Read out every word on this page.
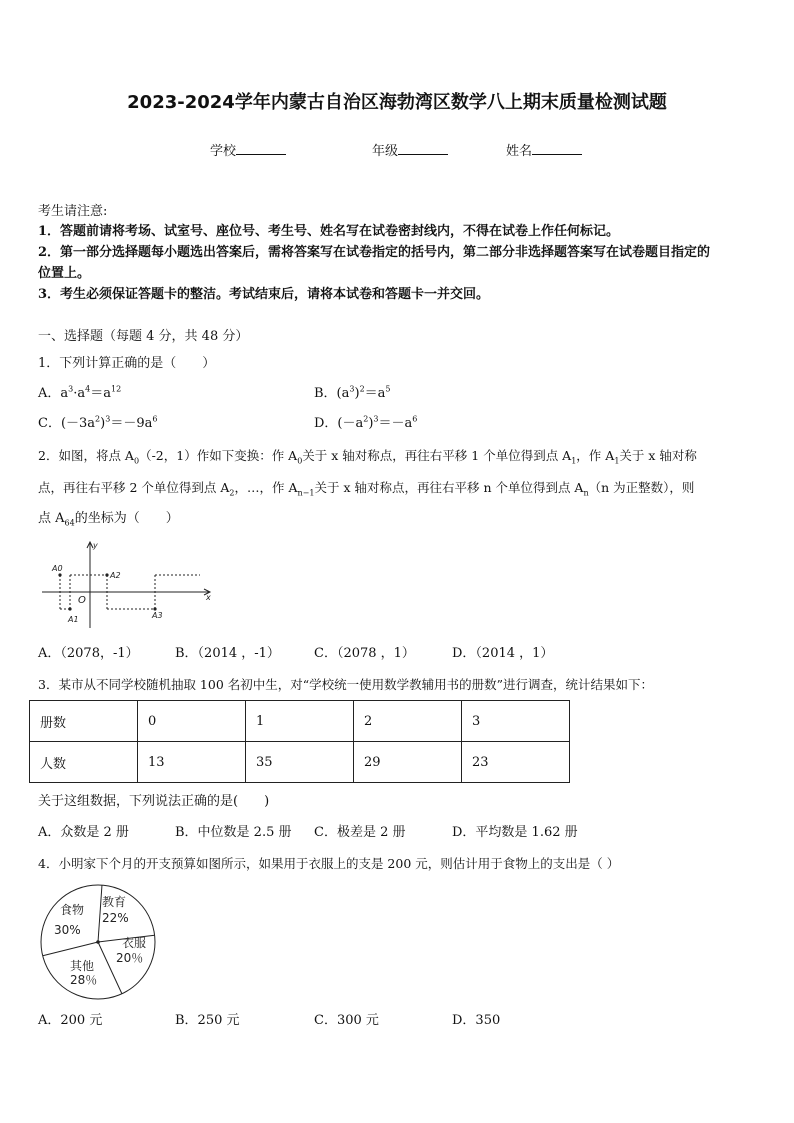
2023-2024学年内蒙古自治区海勃湾区数学八上期末质量检测试题
学校	年级	姓名
考生请注意:
1．答题前请将考场、试室号、座位号、考生号、姓名写在试卷密封线内，不得在试卷上作任何标记。
2．第一部分选择题每小题选出答案后，需将答案写在试卷指定的括号内，第二部分非选择题答案写在试卷题目指定的
位置上。
3．考生必须保证答题卡的整洁。考试结束后，请将本试卷和答题卡一并交回。
一、选择题（每题 4 分，共 48 分）
1．下列计算正确的是（　　）
A．$a^3\cdot a^4=a^{12}$	B．$(a^3)^2=a^5$
C．$(-3a^2)^3=-9a^6$	D．$(-a^2)^3=-a^6$
2．如图，将点 $A_0(-2$，1）作如下变换：作 $A_0$关于 x 轴对称点，再往右平移 1 个单位得到点 $A_1$，作 $A_1$关于 x 轴对称
点，再往右平移 2 个单位得到点 $A_2$，…，作 $A_{n-1}$关于 x 轴对称点，再往右平移 n 个单位得到点 $A_n(n$ 为正整数），则
点 $A_{64}$的坐标为（　　）
A0
A1
A2
A3
O	x
y
A．（2078，-1）	B．（2014 ，-1）	C．（2078 ，1）	D．（2014 ，1）
3．某市从不同学校随机抽取 100 名初中生，对“学校统一使用数学教辅用书的册数”进行调查，统计结果如下：
册数	0	1	2	3
人数	13	35	29	23
关于这组数据，下列说法正确的是(　　)
A．众数是 2 册	B．中位数是 2.5 册 C．极差是 2 册	D．平均数是 1.62 册
4．小明家下个月的开支预算如图所示，如果用于衣服上的支是 200 元，则估计用于食物上的支出是（ ）
教育
22%
衣服
20％
其他
28％
食物
30%
A．200 元	B．250 元	C．300 元	D．350
